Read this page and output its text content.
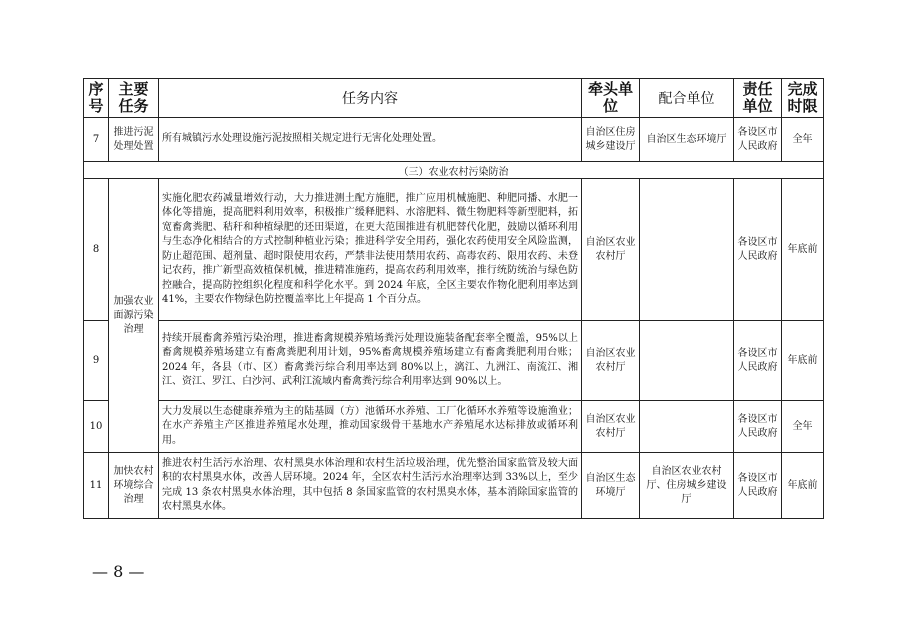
序号	主要任务	任务内容	牵头单位	配合单位	责任单位	完成时限
7	推进污泥处理处置	所有城镇污水处理设施污泥按照相关规定进行无害化处理处置。	自治区住房城乡建设厅	自治区生态环境厅	各设区市人民政府	全年
（三）农业农村污染防治						
8	加强农业面源污染治理	实施化肥农药减量增效行动，大力推进测土配方施肥，推广应用机械施肥、种肥同播、水肥一体化等措施，提高肥料利用效率，积极推广缓释肥料、水溶肥料、微生物肥料等新型肥料，拓宽畜禽粪肥、秸秆和种植绿肥的还田渠道，在更大范围推进有机肥替代化肥，鼓励以循环利用与生态净化相结合的方式控制种植业污染；推进科学安全用药，强化农药使用安全风险监测，防止超范围、超剂量、超时限使用农药，严禁非法使用禁用农药、高毒农药、限用农药、未登记农药，推广新型高效植保机械，推进精准施药，提高农药利用效率，推行统防统治与绿色防控融合，提高防控组织化程度和科学化水平。到 2024 年底，全区主要农作物化肥利用率达到 41%，主要农作物绿色防控覆盖率比上年提高 1 个百分点。	自治区农业农村厅		各设区市人民政府	年底前
9		持续开展畜禽养殖污染治理，推进畜禽规模养殖场粪污处理设施装备配套率全覆盖，95%以上畜禽规模养殖场建立有畜禽粪肥利用计划，95%畜禽规模养殖场建立有畜禽粪肥利用台账；2024 年，各县（市、区）畜禽粪污综合利用率达到 80%以上，漓江、九洲江、南流江、湘江、资江、罗江、白沙河、武利江流域内畜禽粪污综合利用率达到 90%以上。	自治区农业农村厅		各设区市人民政府	年底前
10		大力发展以生态健康养殖为主的陆基圆（方）池循环水养殖、工厂化循环水养殖等设施渔业；在水产养殖主产区推进养殖尾水处理，推动国家级骨干基地水产养殖尾水达标排放或循环利用。	自治区农业农村厅		各设区市人民政府	全年
11	加快农村环境综合治理	推进农村生活污水治理、农村黑臭水体治理和农村生活垃圾治理，优先整治国家监管及较大面积的农村黑臭水体，改善人居环境。2024 年，全区农村生活污水治理率达到 33%以上，至少完成 13 条农村黑臭水体治理，其中包括 8 条国家监管的农村黑臭水体，基本消除国家监管的农村黑臭水体。	自治区生态环境厅	自治区农业农村厅、住房城乡建设厅	各设区市人民政府	年底前
— 8 —
